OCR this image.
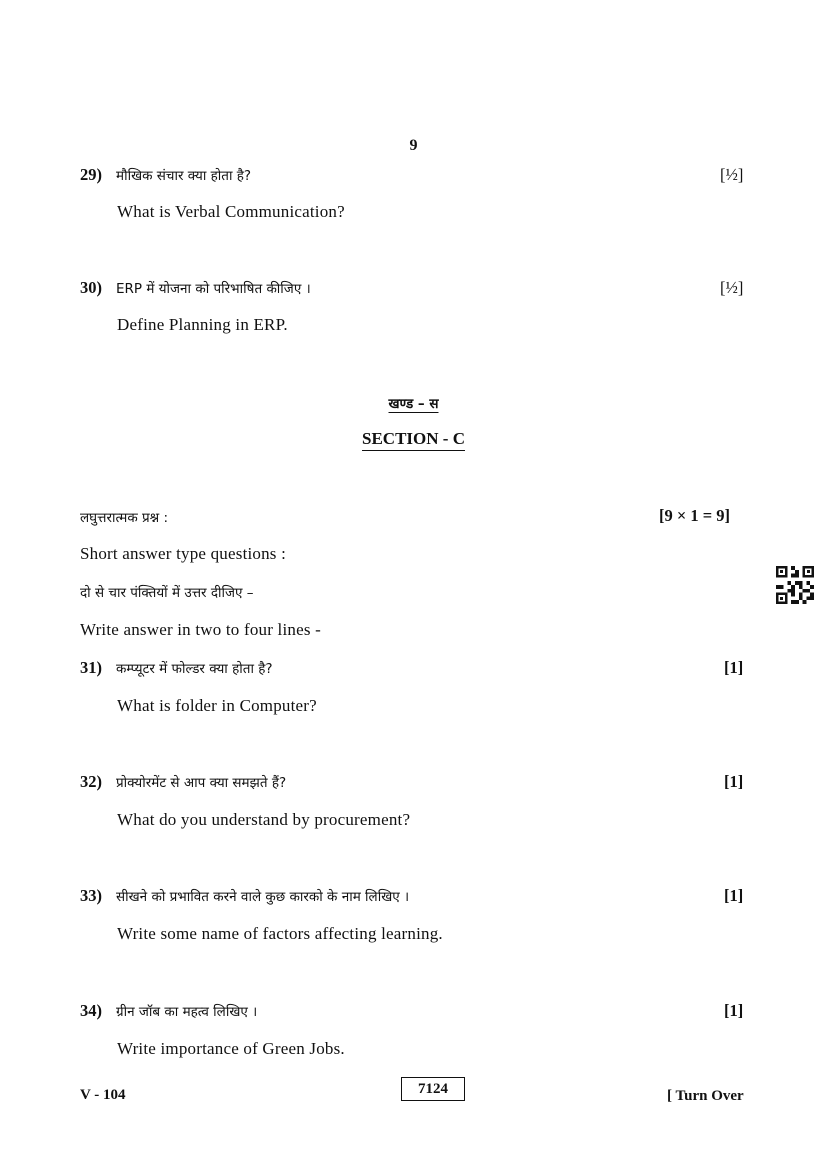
9
29) मौखिक संचार क्या होता है?	[½]
What is Verbal Communication?
30) ERP में योजना को परिभाषित कीजिए ।	[½]
Define Planning in ERP.
खण्ड – स
SECTION - C
लघुत्तरात्मक प्रश्न :	[9 × 1 = 9]
Short answer type questions :
दो से चार पंक्तियों में उत्तर दीजिए –
Write answer in two to four lines -
31) कम्प्यूटर में फोल्डर क्या होता है?	[1]
What is folder in Computer?
32) प्रोक्योरमेंट से आप क्या समझते हैं?	[1]
What do you understand by procurement?
33) सीखने को प्रभावित करने वाले कुछ कारको के नाम लिखिए ।	[1]
Write some name of factors affecting learning.
34) ग्रीन जॉब का महत्व लिखिए ।	[1]
Write importance of Green Jobs.
V - 104	7124	[ Turn Over
